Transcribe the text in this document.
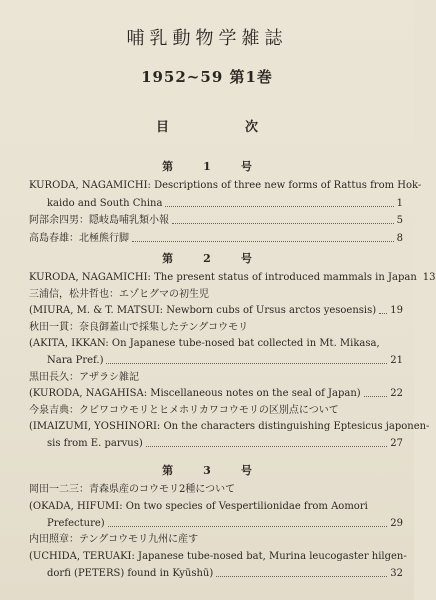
哺乳動物学雑誌
1952~59 第1巻
目	次
第	1	号
KURODA, NAGAMICHI: Descriptions of three new forms of Rattus from Hok-
kaido and South China	1
阿部余四男：隠岐島哺乳類小報	5
高島春雄：北極熊行脚	8
第	2	号
KURODA, NAGAMICHI: The present status of introduced mammals in Japan 13
三浦信，松井哲也：エゾヒグマの初生児
(MIURA, M. & T. MATSUI: Newborn cubs of Ursus arctos yesoensis) 19
秋田一貫：奈良御蓋山で採集したテングコウモリ
(AKITA, IKKAN: On Japanese tube-nosed bat collected in Mt. Mikasa,
Nara Pref.)	21
黒田長久：アザラシ雑記
(KURODA, NAGAHISA: Miscellaneous notes on the seal of Japan)	22
今泉吉典：クビワコウモリとヒメホリカワコウモリの区別点について
(IMAIZUMI, YOSHINORI: On the characters distinguishing Eptesicus japonen-
sis from E. parvus)	27
第	3	号
岡田一二三：青森県産のコウモリ2種について
(OKADA, HIFUMI: On two species of Vespertilionidae from Aomori
Prefecture)	29
内田照章：テングコウモリ九州に産す
(UCHIDA, TERUAKI: Japanese tube-nosed bat, Murina leucogaster hilgen-
dorfi (PETERS) found in Kyūshū)	32
